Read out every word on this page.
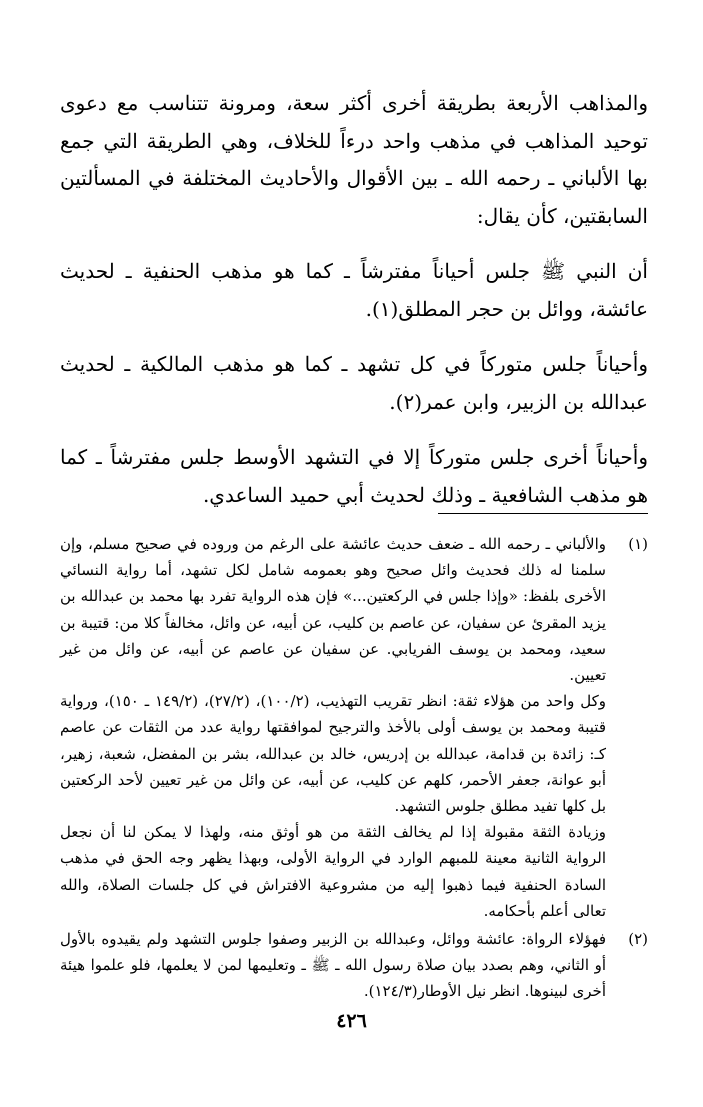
والمذاهب الأربعة بطريقة أخرى أكثر سعة، ومرونة تتناسب مع دعوى توحيد المذاهب في مذهب واحد درءاً للخلاف، وهي الطريقة التي جمع بها الألباني ـ رحمه الله ـ بين الأقوال والأحاديث المختلفة في المسألتين السابقتين، كأن يقال:

أن النبي ﷺ جلس أحياناً مفترشاً ـ كما هو مذهب الحنفية ـ لحديث عائشة، ووائل بن حجر المطلق(١).

وأحياناً جلس متوركاً في كل تشهد ـ كما هو مذهب المالكية ـ لحديث عبدالله بن الزبير، وابن عمر(٢).

وأحياناً أخرى جلس متوركاً إلا في التشهد الأوسط جلس مفترشاً ـ كما هو مذهب الشافعية ـ وذلك لحديث أبي حميد الساعدي.

(١)

والألباني ـ رحمه الله ـ ضعف حديث عائشة على الرغم من وروده في صحيح مسلم، وإن سلمنا له ذلك فحديث وائل صحيح وهو بعمومه شامل لكل تشهد، أما رواية النسائي الأخرى بلفظ: «وإذا جلس في الركعتين...» فإن هذه الرواية تفرد بها محمد بن عبدالله بن يزيد المقرئ عن سفيان، عن عاصم بن كليب، عن أبيه، عن وائل، مخالفاً كلا من: قتيبة بن سعيد، ومحمد بن يوسف الفريابي. عن سفيان عن عاصم عن أبيه، عن وائل من غير تعيين.

وكل واحد من هؤلاء ثقة: انظر تقريب التهذيب، (١٠٠/٢)، (٢٧/٢)، (١٤٩/٢ ـ ١٥٠)، ورواية قتيبة ومحمد بن يوسف أولى بالأخذ والترجيح لموافقتها رواية عدد من الثقات عن عاصم كـ: زائدة بن قدامة، عبدالله بن إدريس، خالد بن عبدالله، بشر بن المفضل، شعبة، زهير، أبو عوانة، جعفر الأحمر، كلهم عن كليب، عن أبيه، عن وائل من غير تعيين لأحد الركعتين بل كلها تفيد مطلق جلوس التشهد.

وزيادة الثقة مقبولة إذا لم يخالف الثقة من هو أوثق منه، ولهذا لا يمكن لنا أن نجعل الرواية الثانية معينة للمبهم الوارد في الرواية الأولى، وبهذا يظهر وجه الحق في مذهب السادة الحنفية فيما ذهبوا إليه من مشروعية الافتراش في كل جلسات الصلاة، والله تعالى أعلم بأحكامه.

(٢)

فهؤلاء الرواة: عائشة ووائل، وعبدالله بن الزبير وصفوا جلوس التشهد ولم يقيدوه بالأول أو الثاني، وهم بصدد بيان صلاة رسول الله ـ ﷺ ـ وتعليمها لمن لا يعلمها، فلو علموا هيئة أخرى لبينوها. انظر نيل الأوطار(١٢٤/٣).

٤٢٦
